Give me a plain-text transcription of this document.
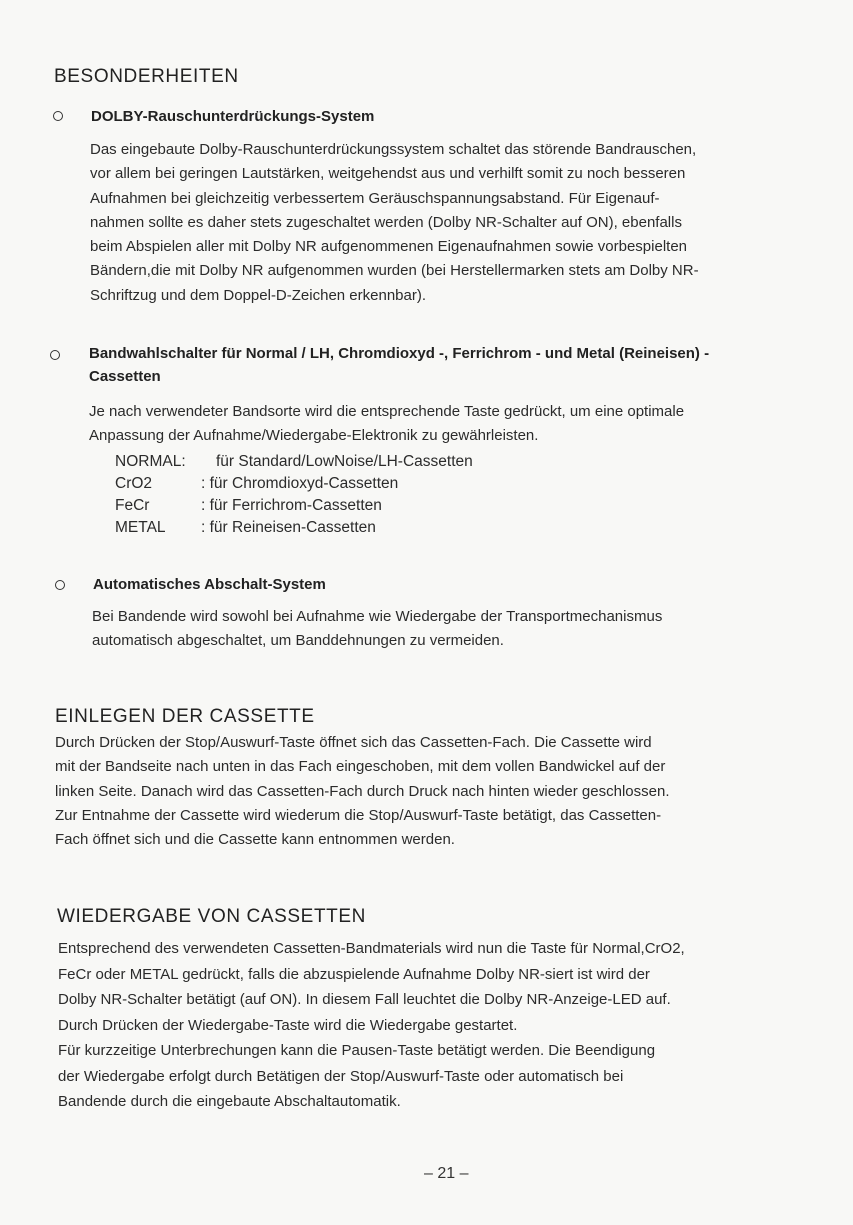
BESONDERHEITEN
DOLBY-Rauschunterdrückungs-System
Das eingebaute Dolby-Rauschunterdrückungssystem schaltet das störende Bandrauschen,
vor allem bei geringen Lautstärken, weitgehendst aus und verhilft somit zu noch besseren
Aufnahmen bei gleichzeitig verbessertem Geräuschspannungsabstand. Für Eigenauf-
nahmen sollte es daher stets zugeschaltet werden (Dolby NR-Schalter auf ON), ebenfalls
beim Abspielen aller mit Dolby NR aufgenommenen Eigenaufnahmen sowie vorbespielten
Bändern,die mit Dolby NR aufgenommen wurden (bei Herstellermarken stets am Dolby NR-
Schriftzug und dem Doppel-D-Zeichen erkennbar).
Bandwahlschalter für Normal / LH, Chromdioxyd -, Ferrichrom - und Metal (Reineisen) -
Cassetten
Je nach verwendeter Bandsorte wird die entsprechende Taste gedrückt, um eine optimale
Anpassung der Aufnahme/Wiedergabe-Elektronik zu gewährleisten.
NORMAL: für Standard/LowNoise/LH-Cassetten
CrO2	: für Chromdioxyd-Cassetten
FeCr	: für Ferrichrom-Cassetten
METAL : für Reineisen-Cassetten
Automatisches Abschalt-System
Bei Bandende wird sowohl bei Aufnahme wie Wiedergabe der Transportmechanismus
automatisch abgeschaltet, um Banddehnungen zu vermeiden.
EINLEGEN DER CASSETTE
Durch Drücken der Stop/Auswurf-Taste öffnet sich das Cassetten-Fach. Die Cassette wird
mit der Bandseite nach unten in das Fach eingeschoben, mit dem vollen Bandwickel auf der
linken Seite. Danach wird das Cassetten-Fach durch Druck nach hinten wieder geschlossen.
Zur Entnahme der Cassette wird wiederum die Stop/Auswurf-Taste betätigt, das Cassetten-
Fach öffnet sich und die Cassette kann entnommen werden.
WIEDERGABE VON CASSETTEN
Entsprechend des verwendeten Cassetten-Bandmaterials wird nun die Taste für Normal,CrO2,
FeCr oder METAL gedrückt, falls die abzuspielende Aufnahme Dolby NR-siert ist wird der
Dolby NR-Schalter betätigt (auf ON). In diesem Fall leuchtet die Dolby NR-Anzeige-LED auf.
Durch Drücken der Wiedergabe-Taste wird die Wiedergabe gestartet.
Für kurzzeitige Unterbrechungen kann die Pausen-Taste betätigt werden. Die Beendigung
der Wiedergabe erfolgt durch Betätigen der Stop/Auswurf-Taste oder automatisch bei
Bandende durch die eingebaute Abschaltautomatik.
– 21 –
